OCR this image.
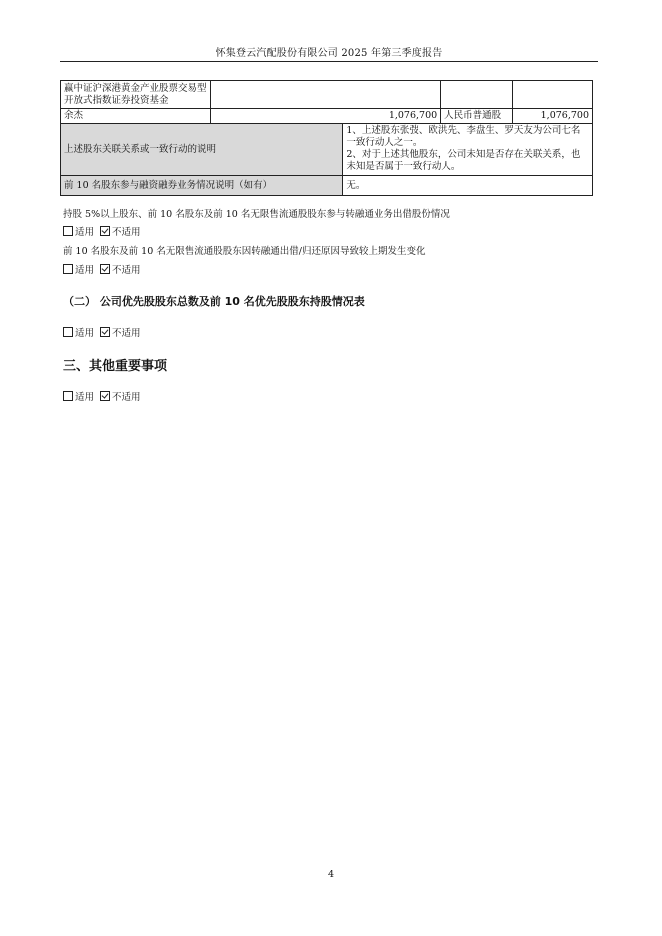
怀集登云汽配股份有限公司 2025 年第三季度报告
赢中证沪深港黄金产业股票交易型开放式指数证券投资基金				
余杰	1,076,700		人民币普通股	1,076,700
上述股东关联关系或一致行动的说明		1、上述股东张弢、欧洪先、李盘生、罗天友为公司七名一致行动人之一。
2、对于上述其他股东，公司未知是否存在关联关系，也未知是否属于一致行动人。		

前 10 名股东参与融资融券业务情况说明（如有）		无。		
持股 5%以上股东、前 10 名股东及前 10 名无限售流通股股东参与转融通业务出借股份情况
适用 不适用
前 10 名股东及前 10 名无限售流通股股东因转融通出借/归还原因导致较上期发生变化
适用 不适用
（二） 公司优先股股东总数及前 10 名优先股股东持股情况表
适用 不适用
三、其他重要事项
适用 不适用
4
